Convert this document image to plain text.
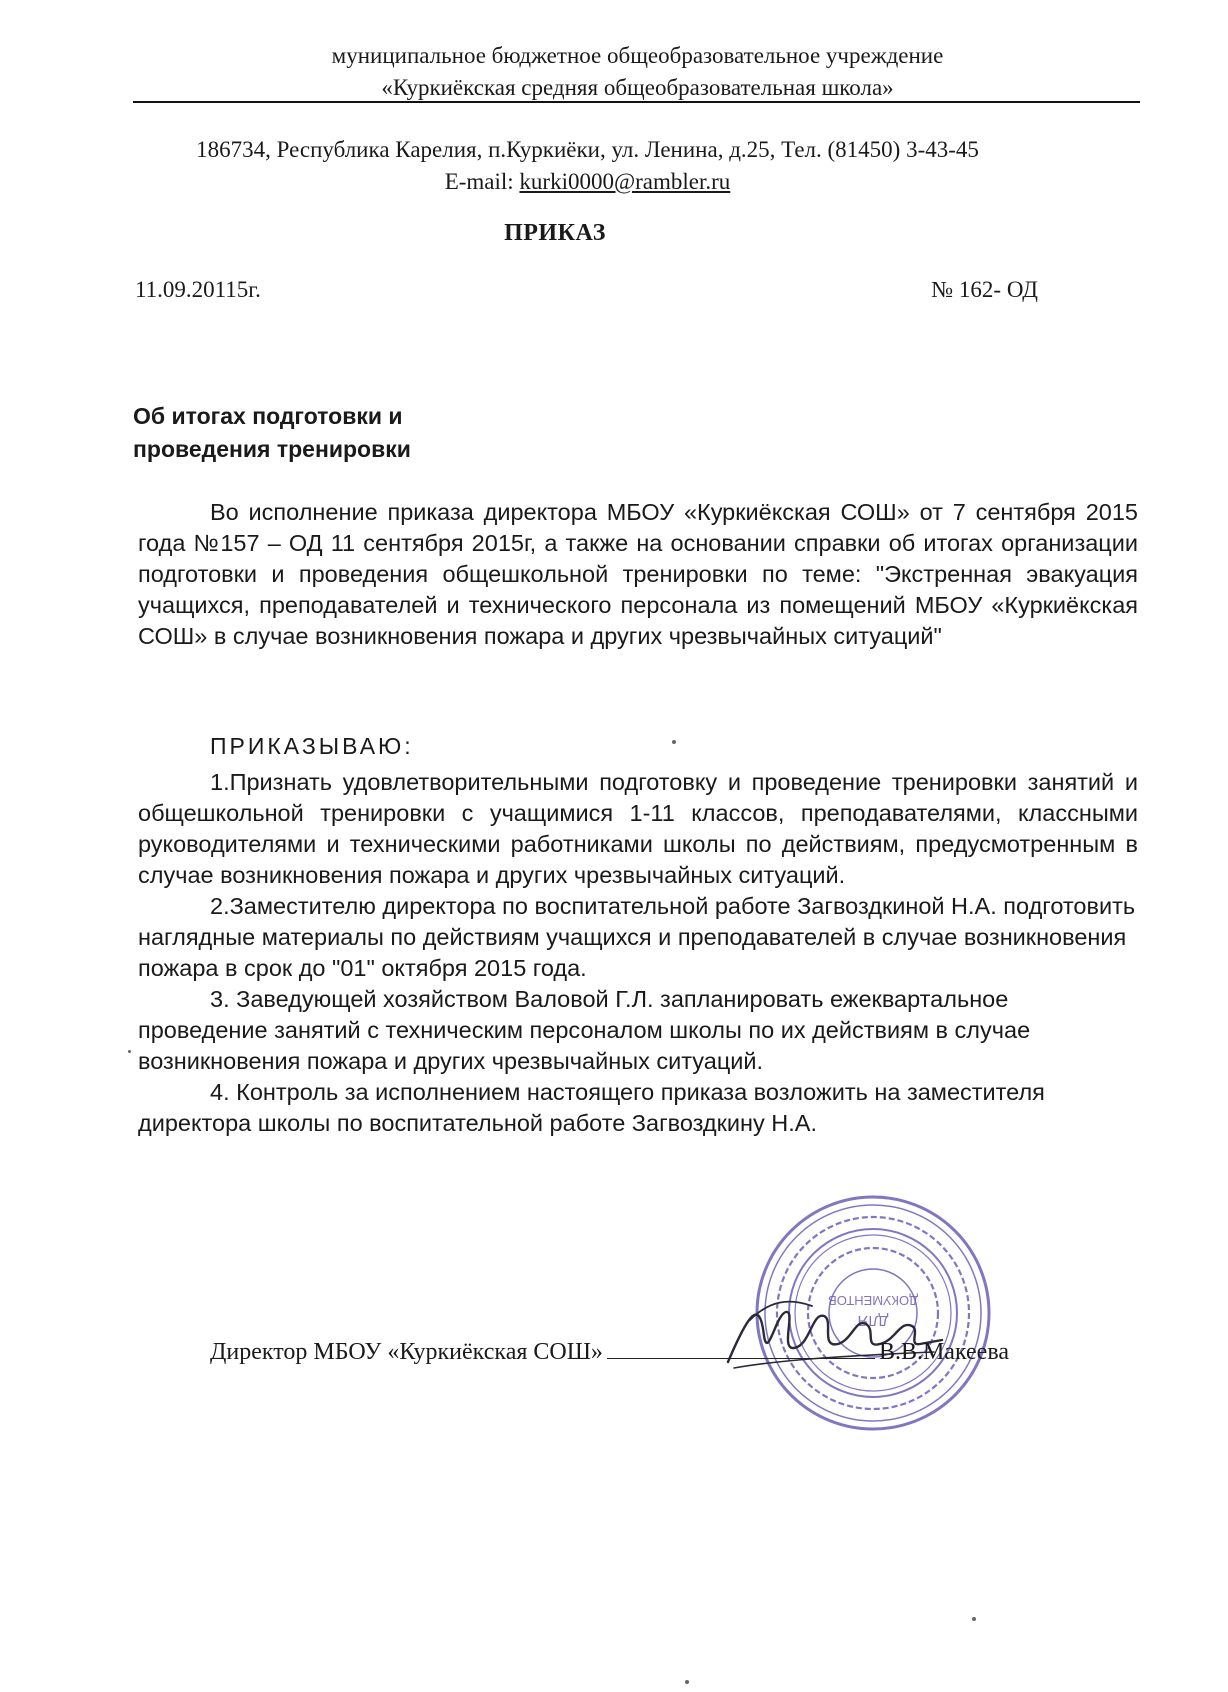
муниципальное бюджетное общеобразовательное учреждение
«Куркиёкская средняя общеобразовательная школа»
186734, Республика Карелия, п.Куркиёки, ул. Ленина, д.25, Тел. (81450) 3-43-45
E-mail: kurki0000@rambler.ru
ПРИКАЗ
11.09.20115г.	№ 162- ОД
Об итогах подготовки и
проведения тренировки

Во исполнение приказа директора МБОУ «Куркиёкская СОШ» от 7 сентября 2015 года №157 – ОД 11 сентября 2015г, а также на основании справки об итогах организации подготовки и проведения общешкольной тренировки по теме: "Экстренная эвакуация учащихся, преподавателей и технического персонала из помещений МБОУ «Куркиёкская СОШ» в случае возникновения пожара и других чрезвычайных ситуаций"

ПРИКАЗЫВАЮ:

1.Признать удовлетворительными подготовку и проведение тренировки занятий и общешкольной тренировки с учащимися 1-11 классов, преподавателями, классными руководителями и техническими работниками школы по действиям, предусмотренным в случае возникновения пожара и других чрезвычайных ситуаций.

2.Заместителю директора по воспитательной работе Загвоздкиной Н.А. подготовить наглядные материалы по действиям учащихся и преподавателей в случае возникновения пожара в срок до "01" октября 2015 года.

3. Заведующей хозяйством Валовой Г.Л. запланировать ежеквартальное проведение занятий с техническим персоналом школы по их действиям в случае возникновения пожара и других чрезвычайных ситуаций.

4. Контроль за исполнением настоящего приказа возложить на заместителя директора школы по воспитательной работе Загвоздкину Н.А.

ДЛЯ
ДОКУМЕНТОВ
Директор МБОУ «Куркиёкская СОШ»	В.В.Макеева
